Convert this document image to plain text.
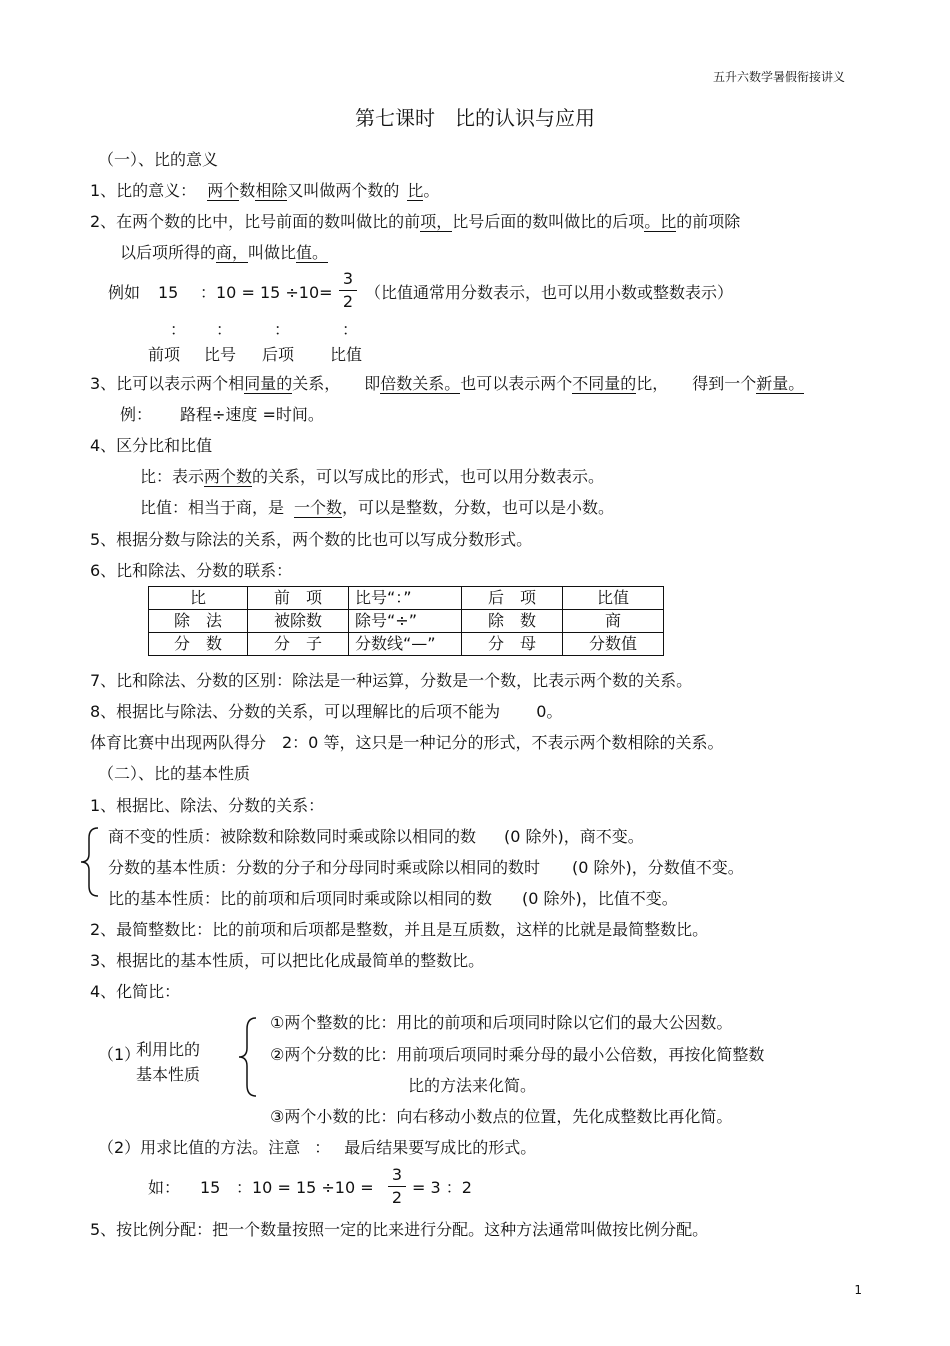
五升六数学暑假衔接讲义
第七课时　比的认识与应用
（一）、比的意义
1、比的意义： 两个数相除又叫做两个数的 比。
2、在两个数的比中，比号前面的数叫做比的前项，比号后面的数叫做比的后项。比的前项除
以后项所得的商，叫做比值。
例如 15 ：10 = 15 ÷10=
3
2 （比值通常用分数表示，也可以用小数或整数表示）
： ：	：	：
前项 比号 后项 比值
3、比可以表示两个相同量的关系，　　即倍数关系。也可以表示两个不同量的比，　　得到一个新量。
例： 路程÷速度 =时间。
4、区分比和比值
比：表示两个数的关系，可以写成比的形式，也可以用分数表示。
比值：相当于商，是 一个数，可以是整数，分数，也可以是小数。
5、根据分数与除法的关系，两个数的比也可以写成分数形式。
6、比和除法、分数的联系：
比	前　项	比号“：”	后　项	比值
除　法	被除数	除号“÷”	除　数	商
分　数	分　子	分数线“—”	分　母	分数值
7、比和除法、分数的区别：除法是一种运算，分数是一个数，比表示两个数的关系。
8、根据比与除法、分数的关系，可以理解比的后项不能为 0。
体育比赛中出现两队得分　2：0 等，这只是一种记分的形式，不表示两个数相除的关系。
（二）、比的基本性质
1、根据比、除法、分数的关系：
商不变的性质：被除数和除数同时乘或除以相同的数 (0 除外)，商不变。
分数的基本性质：分数的分子和分母同时乘或除以相同的数时 (0 除外)，分数值不变。
比的基本性质：比的前项和后项同时乘或除以相同的数 (0 除外)，比值不变。
2、最简整数比：比的前项和后项都是整数，并且是互质数，这样的比就是最简整数比。
3、根据比的基本性质，可以把比化成最简单的整数比。
4、化简比：
（1）
利用比的
基本性质
①两个整数的比：用比的前项和后项同时除以它们的最大公因数。
②两个分数的比：用前项后项同时乘分母的最小公倍数，再按化简整数
比的方法来化简。
③两个小数的比：向右移动小数点的位置，先化成整数比再化简。
（2）用求比值的方法。注意 ： 最后结果要写成比的形式。
如： 15 ：10 = 15 ÷10 =
3
2
= 3 ：2
5、按比例分配：把一个数量按照一定的比来进行分配。这种方法通常叫做按比例分配。
1
